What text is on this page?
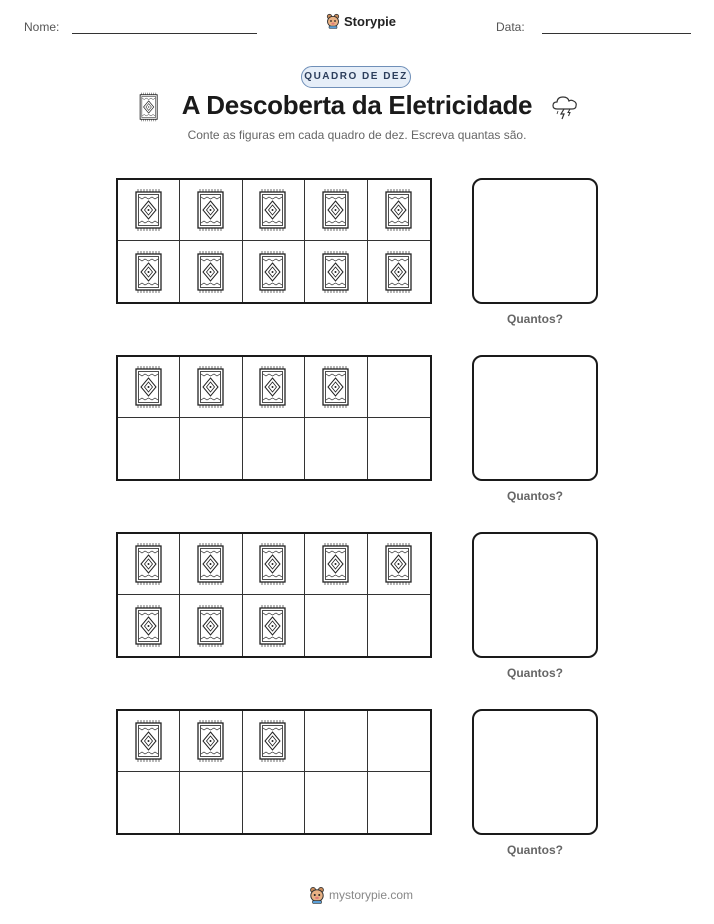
Nome:	Storypie	Data:
QUADRO DE DEZ
A Descoberta da Eletricidade
Conte as figuras em cada quadro de dez. Escreva quantas são.
Quantos?
Quantos?
Quantos?
Quantos?
mystorypie.com
